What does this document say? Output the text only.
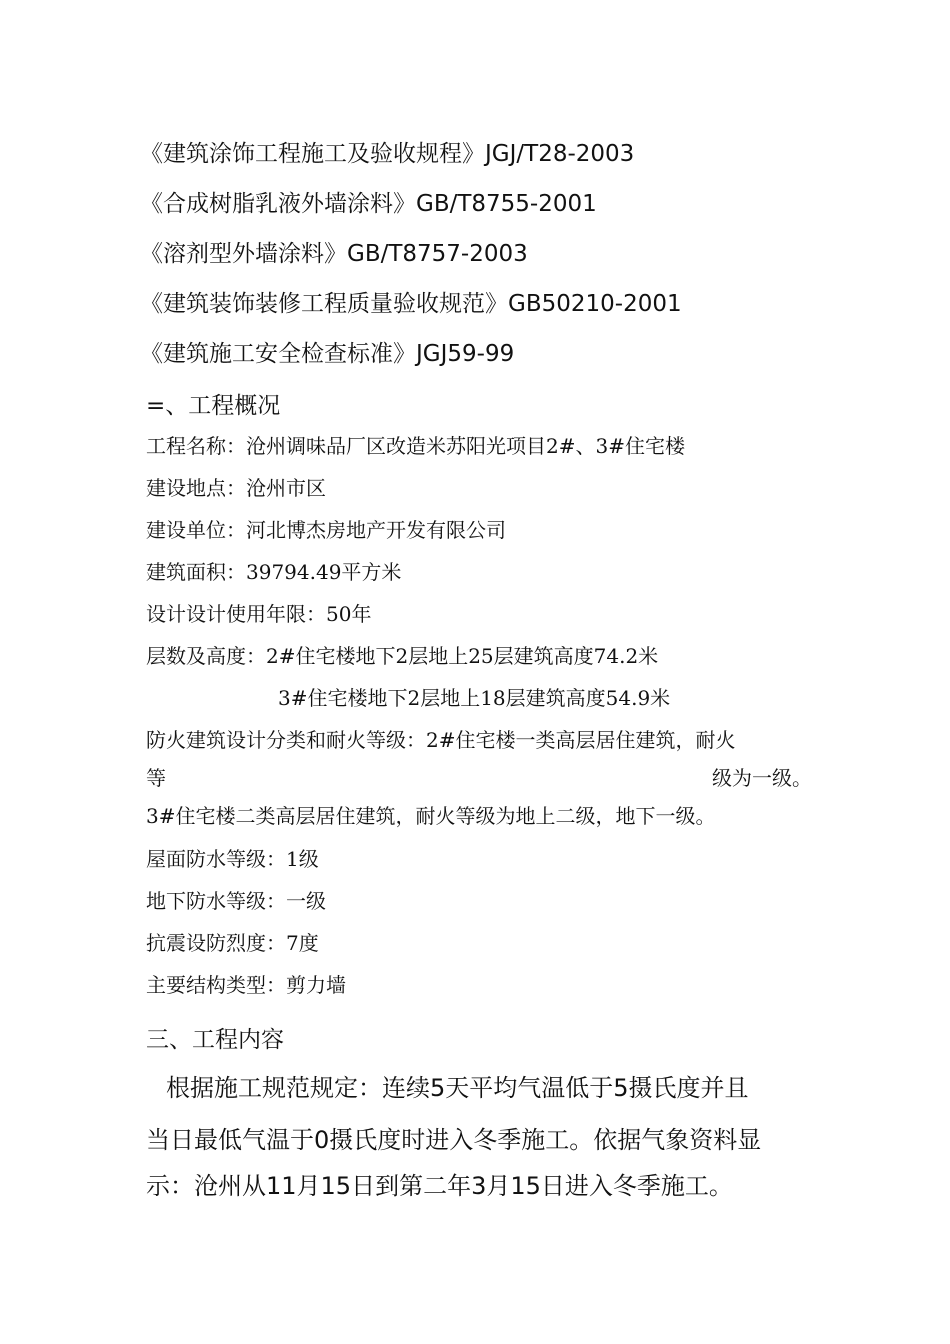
《建筑涂饰工程施工及验收规程》JGJ/T28-2003
《合成树脂乳液外墙涂料》GB/T8755-2001
《溶剂型外墙涂料》GB/T8757-2003
《建筑装饰装修工程质量验收规范》GB50210-2001
《建筑施工安全检查标准》JGJ59-99
=、工程概况
工程名称：沧州调味品厂区改造米苏阳光项目2#、3#住宅楼
建设地点：沧州市区
建设单位：河北博杰房地产开发有限公司
建筑面积：39794.49平方米
设计设计使用年限：50年
层数及高度：2#住宅楼地下2层地上25层建筑高度74.2米
3#住宅楼地下2层地上18层建筑高度54.9米
防火建筑设计分类和耐火等级：2#住宅楼一类高层居住建筑，耐火
等	级为一级。
3#住宅楼二类高层居住建筑，耐火等级为地上二级，地下一级。
屋面防水等级：1级
地下防水等级：一级
抗震设防烈度：7度
主要结构类型：剪力墙
三、工程内容
根据施工规范规定：连续5天平均气温低于5摄氏度并且
当日最低气温于0摄氏度时进入冬季施工。依据气象资料显
示：沧州从11月15日到第二年3月15日进入冬季施工。
